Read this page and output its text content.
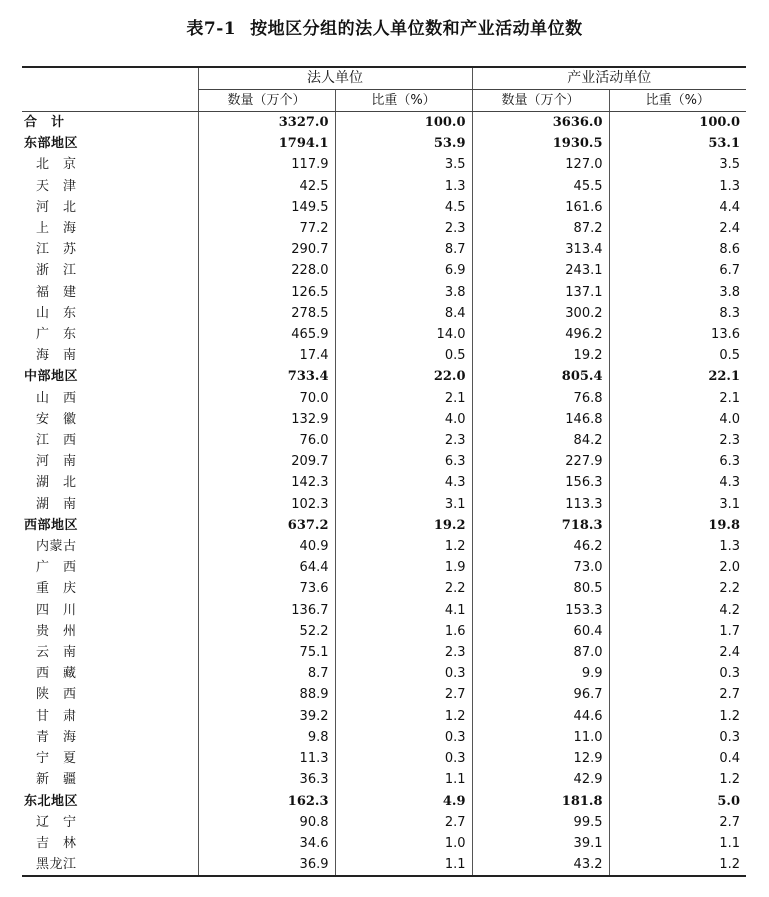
表7-1 按地区分组的法人单位数和产业活动单位数
	法人单位		产业活动单位	
	数量（万个）	比重（%）	数量（万个）	比重（%）
合　计	3327.0	100.0	3636.0	100.0
东部地区	1794.1	53.9	1930.5	53.1
北　京	117.9	3.5	127.0	3.5
天　津	42.5	1.3	45.5	1.3
河　北	149.5	4.5	161.6	4.4
上　海	77.2	2.3	87.2	2.4
江　苏	290.7	8.7	313.4	8.6
浙　江	228.0	6.9	243.1	6.7
福　建	126.5	3.8	137.1	3.8
山　东	278.5	8.4	300.2	8.3
广　东	465.9	14.0	496.2	13.6
海　南	17.4	0.5	19.2	0.5
中部地区	733.4	22.0	805.4	22.1
山　西	70.0	2.1	76.8	2.1
安　徽	132.9	4.0	146.8	4.0
江　西	76.0	2.3	84.2	2.3
河　南	209.7	6.3	227.9	6.3
湖　北	142.3	4.3	156.3	4.3
湖　南	102.3	3.1	113.3	3.1
西部地区	637.2	19.2	718.3	19.8
内蒙古	40.9	1.2	46.2	1.3
广　西	64.4	1.9	73.0	2.0
重　庆	73.6	2.2	80.5	2.2
四　川	136.7	4.1	153.3	4.2
贵　州	52.2	1.6	60.4	1.7
云　南	75.1	2.3	87.0	2.4
西　藏	8.7	0.3	9.9	0.3
陕　西	88.9	2.7	96.7	2.7
甘　肃	39.2	1.2	44.6	1.2
青　海	9.8	0.3	11.0	0.3
宁　夏	11.3	0.3	12.9	0.4
新　疆	36.3	1.1	42.9	1.2
东北地区	162.3	4.9	181.8	5.0
辽　宁	90.8	2.7	99.5	2.7
吉　林	34.6	1.0	39.1	1.1
黑龙江	36.9	1.1	43.2	1.2
